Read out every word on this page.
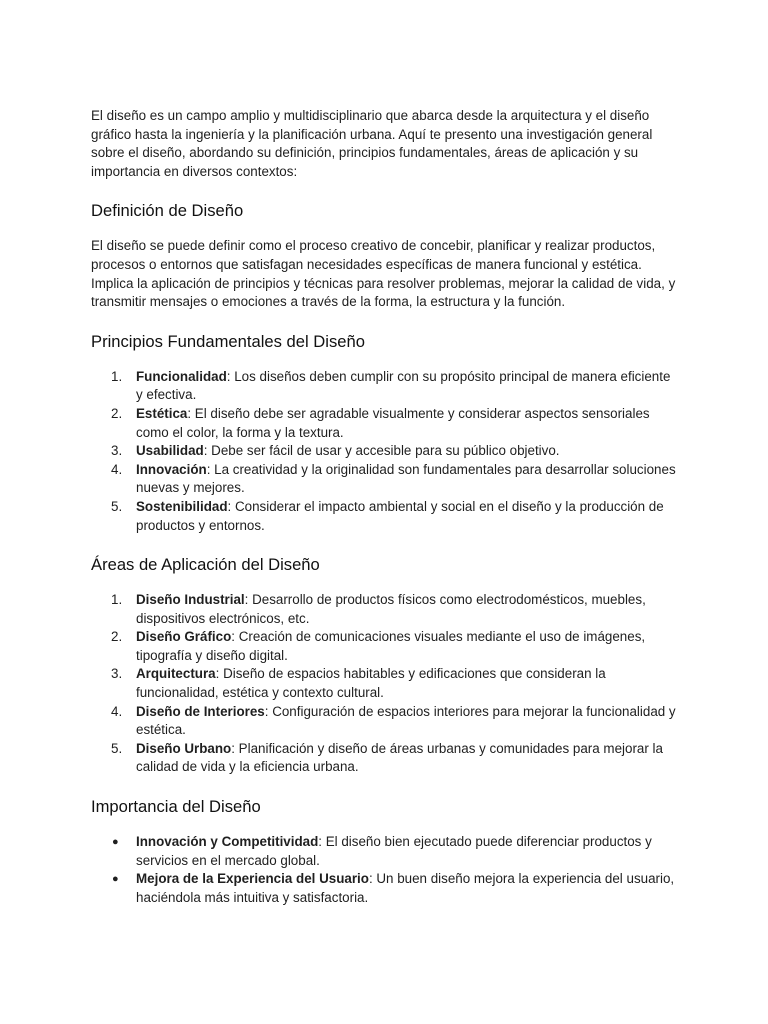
El diseño es un campo amplio y multidisciplinario que abarca desde la arquitectura y el diseño gráfico hasta la ingeniería y la planificación urbana. Aquí te presento una investigación general sobre el diseño, abordando su definición, principios fundamentales, áreas de aplicación y su importancia en diversos contextos:

Definición de Diseño

El diseño se puede definir como el proceso creativo de concebir, planificar y realizar productos, procesos o entornos que satisfagan necesidades específicas de manera funcional y estética. Implica la aplicación de principios y técnicas para resolver problemas, mejorar la calidad de vida, y transmitir mensajes o emociones a través de la forma, la estructura y la función.

Principios Fundamentales del Diseño
1. Funcionalidad: Los diseños deben cumplir con su propósito principal de manera eficiente y efectiva.
2. Estética: El diseño debe ser agradable visualmente y considerar aspectos sensoriales como el color, la forma y la textura.
3. Usabilidad: Debe ser fácil de usar y accesible para su público objetivo.
4. Innovación: La creatividad y la originalidad son fundamentales para desarrollar soluciones nuevas y mejores.
5. Sostenibilidad: Considerar el impacto ambiental y social en el diseño y la producción de productos y entornos.
Áreas de Aplicación del Diseño
1. Diseño Industrial: Desarrollo de productos físicos como electrodomésticos, muebles, dispositivos electrónicos, etc.
2. Diseño Gráfico: Creación de comunicaciones visuales mediante el uso de imágenes, tipografía y diseño digital.
3. Arquitectura: Diseño de espacios habitables y edificaciones que consideran la funcionalidad, estética y contexto cultural.
4. Diseño de Interiores: Configuración de espacios interiores para mejorar la funcionalidad y estética.
5. Diseño Urbano: Planificación y diseño de áreas urbanas y comunidades para mejorar la calidad de vida y la eficiencia urbana.
Importancia del Diseño
● Innovación y Competitividad: El diseño bien ejecutado puede diferenciar productos y servicios en el mercado global.
● Mejora de la Experiencia del Usuario: Un buen diseño mejora la experiencia del usuario, haciéndola más intuitiva y satisfactoria.
